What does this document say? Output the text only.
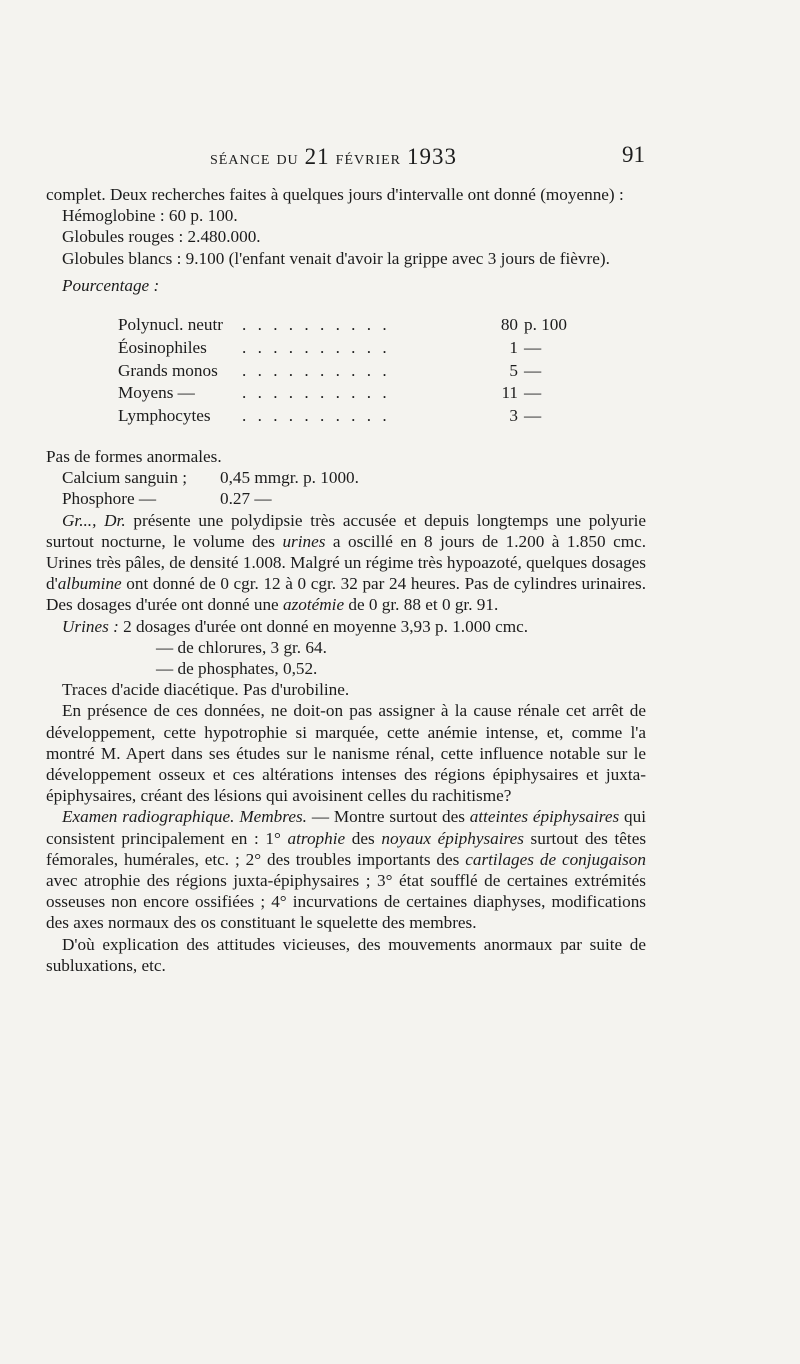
séance du 21 février 1933	91

complet. Deux recherches faites à quelques jours d'intervalle ont donné (moyenne) :

Hémoglobine : 60 p. 100.

Globules rouges : 2.480.000.

Globules blancs : 9.100 (l'enfant venait d'avoir la grippe avec 3 jours de fièvre).

Pourcentage :

Polynucl. neutr	. . . . . . . . . .	80	p. 100
Éosinophiles	. . . . . . . . . .	1	—
Grands monos	. . . . . . . . . .	5	—
Moyens —	. . . . . . . . . .	11	—
Lymphocytes	. . . . . . . . . .	3	—

Pas de formes anormales.

Calcium sanguin ; 0,45 mmgr. p. 1000.

Phosphore —	0.27 —

Gr..., Dr. présente une polydipsie très accusée et depuis longtemps une polyurie surtout nocturne, le volume des urines a oscillé en 8 jours de 1.200 à 1.850 cmc. Urines très pâles, de densité 1.008. Malgré un régime très hypoazoté, quelques dosages d'albumine ont donné de 0 cgr. 12 à 0 cgr. 32 par 24 heures. Pas de cylindres urinaires. Des dosages d'urée ont donné une azotémie de 0 gr. 88 et 0 gr. 91.

Urines : 2 dosages d'urée ont donné en moyenne 3,93 p. 1.000 cmc.

— de chlorures, 3 gr. 64.

— de phosphates, 0,52.

Traces d'acide diacétique. Pas d'urobiline.

En présence de ces données, ne doit-on pas assigner à la cause rénale cet arrêt de développement, cette hypotrophie si marquée, cette anémie intense, et, comme l'a montré M. Apert dans ses études sur le nanisme rénal, cette influence notable sur le développement osseux et ces altérations intenses des régions épiphysaires et juxta-épiphysaires, créant des lésions qui avoisinent celles du rachitisme?

Examen radiographique. Membres. — Montre surtout des atteintes épiphysaires qui consistent principalement en : 1° atrophie des noyaux épiphysaires surtout des têtes fémorales, humérales, etc. ; 2° des troubles importants des cartilages de conjugaison avec atrophie des régions juxta-épiphysaires ; 3° état soufflé de certaines extrémités osseuses non encore ossifiées ; 4° incurvations de certaines diaphyses, modifications des axes normaux des os constituant le squelette des membres.

D'où explication des attitudes vicieuses, des mouvements anormaux par suite de subluxations, etc.
